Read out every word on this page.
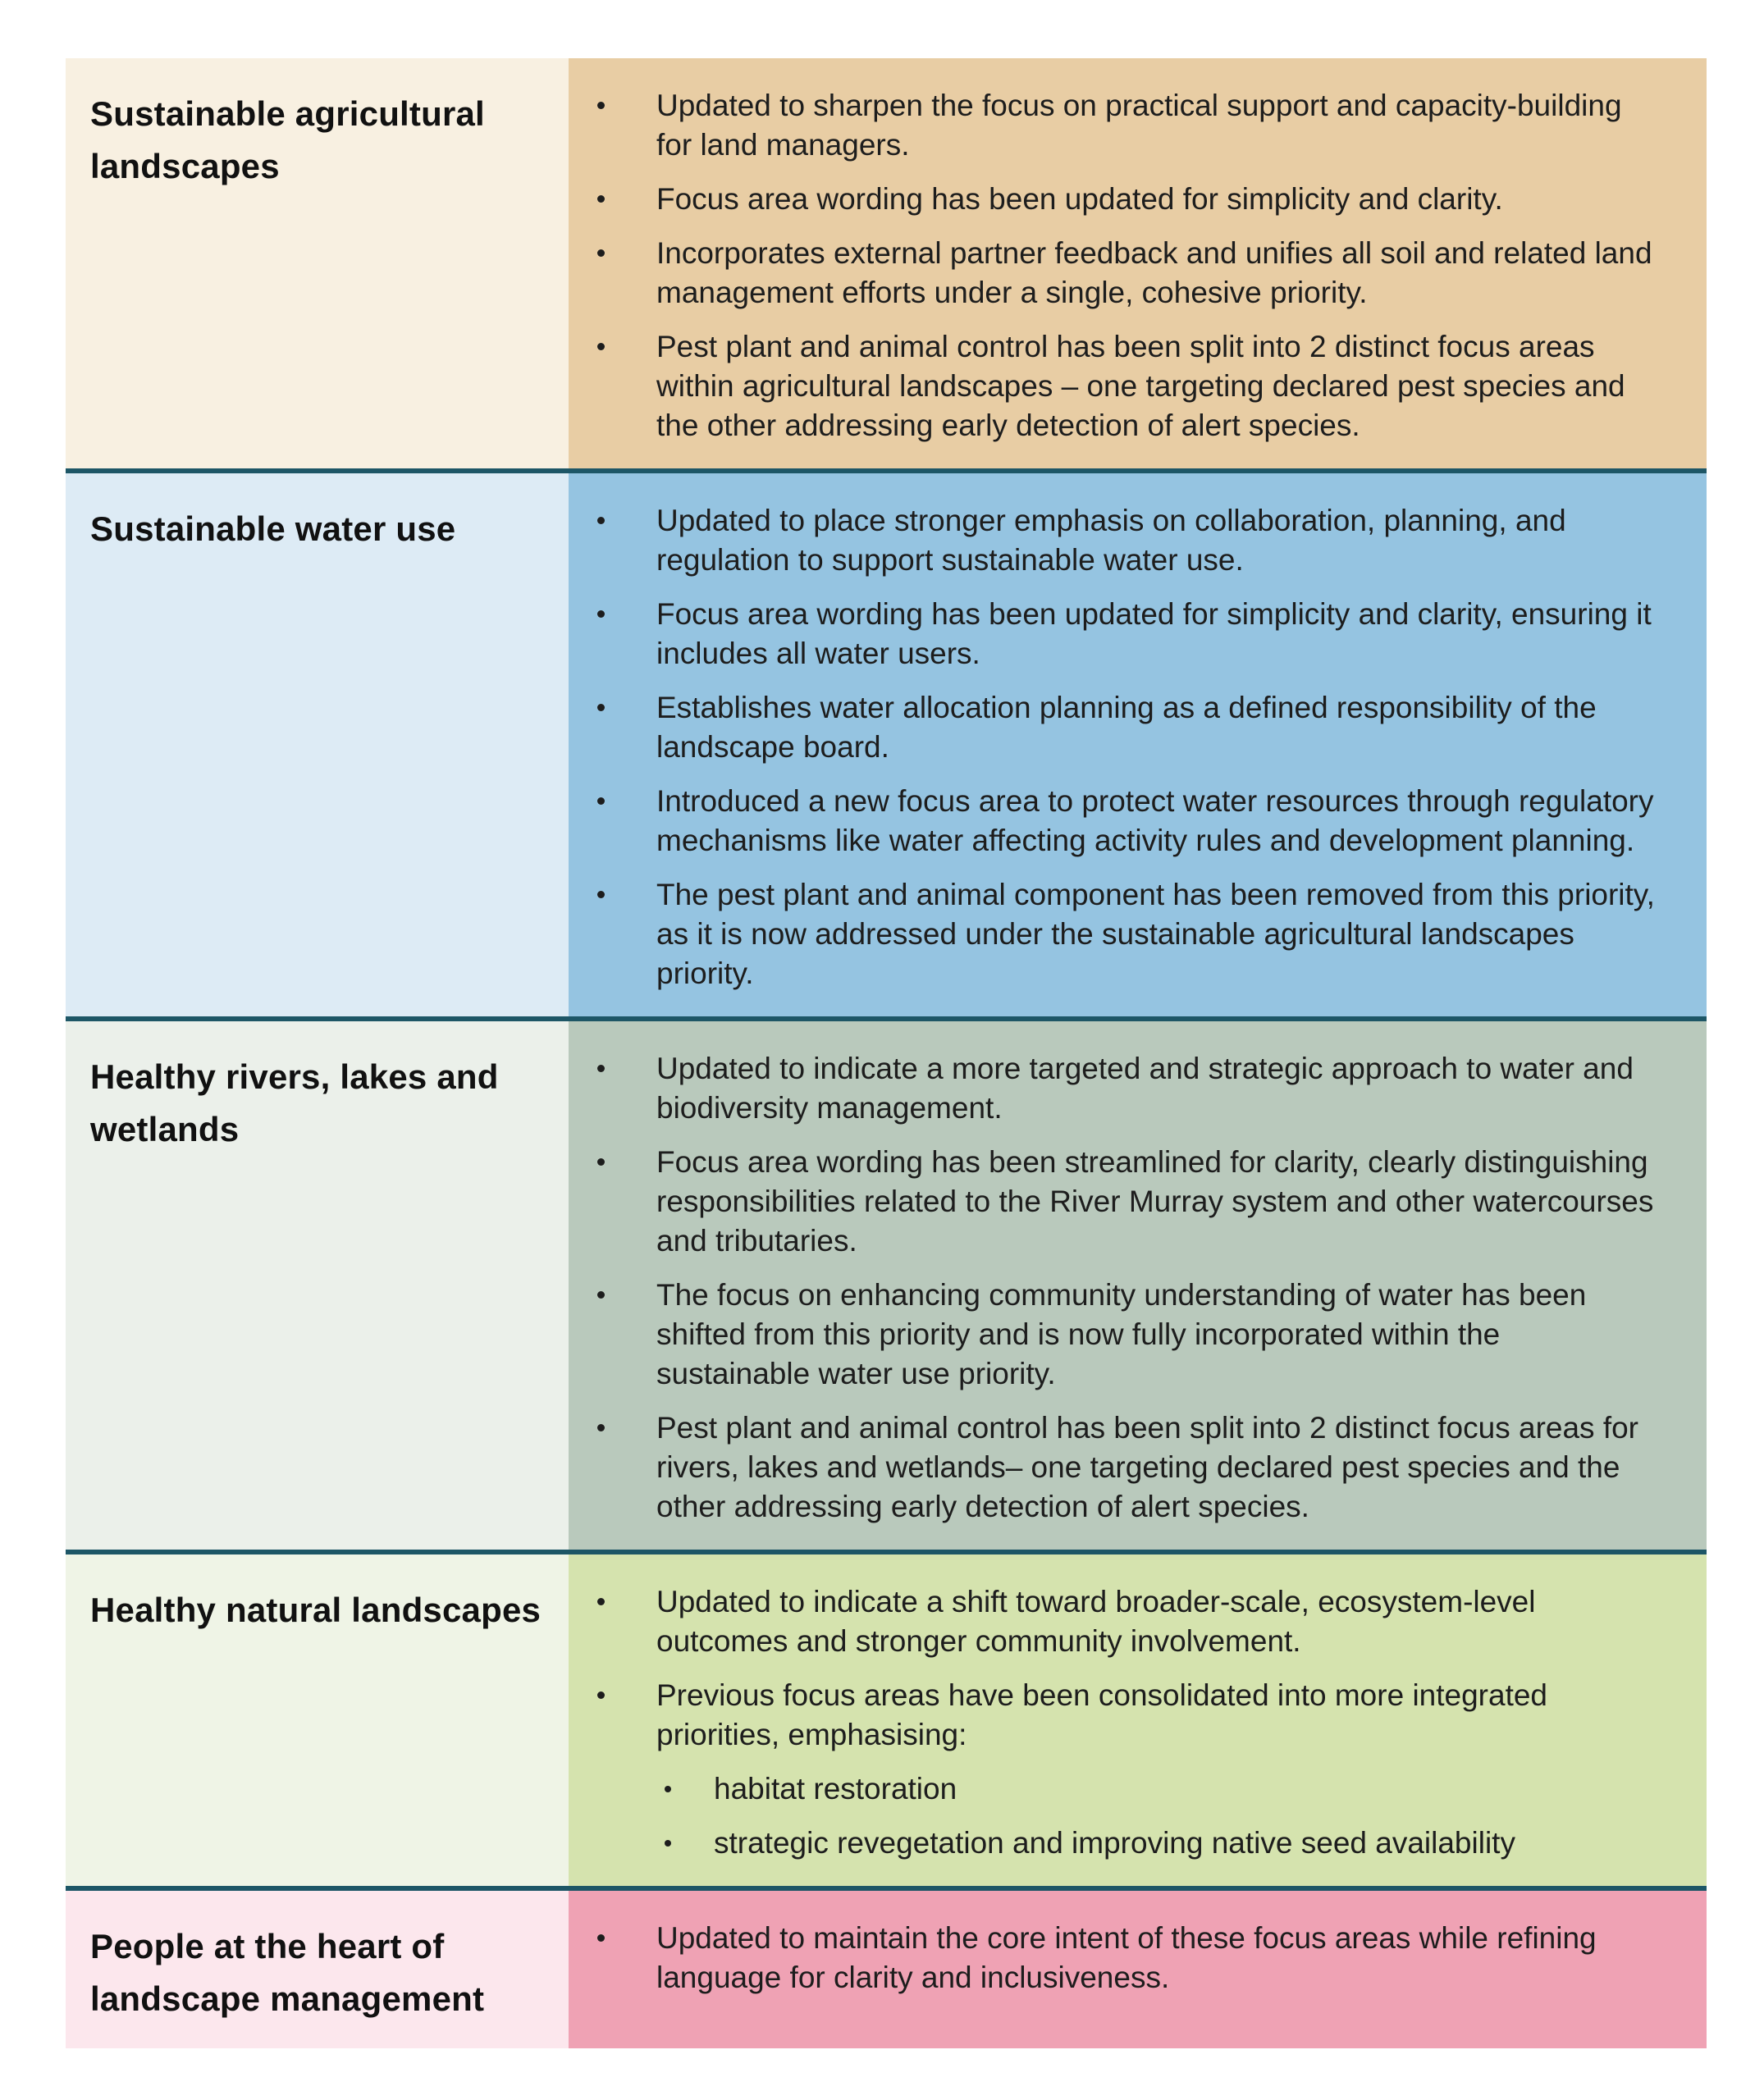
Sustainable agricultural landscapes
Updated to sharpen the focus on practical support and capacity-building for land managers.
Focus area wording has been updated for simplicity and clarity.
Incorporates external partner feedback and unifies all soil and related land management efforts under a single, cohesive priority.
Pest plant and animal control has been split into 2 distinct focus areas within agricultural landscapes – one targeting declared pest species and the other addressing early detection of alert species.
Sustainable water use	Updated to place stronger emphasis on collaboration, planning, and regulation to support sustainable water use.
Focus area wording has been updated for simplicity and clarity, ensuring it includes all water users.
Establishes water allocation planning as a defined responsibility of the landscape board.
Introduced a new focus area to protect water resources through regulatory mechanisms like water affecting activity rules and development planning.
The pest plant and animal component has been removed from this priority, as it is now addressed under the sustainable agricultural landscapes priority.
Healthy rivers, lakes and wetlands
Updated to indicate a more targeted and strategic approach to water and biodiversity management.
Focus area wording has been streamlined for clarity, clearly distinguishing responsibilities related to the River Murray system and other watercourses and tributaries.
The focus on enhancing community understanding of water has been shifted from this priority and is now fully incorporated within the sustainable water use priority.
Pest plant and animal control has been split into 2 distinct focus areas for rivers, lakes and wetlands– one targeting declared pest species and the other addressing early detection of alert species.
Healthy natural landscapes	Updated to indicate a shift toward broader-scale, ecosystem-level outcomes and stronger community involvement.
Previous focus areas have been consolidated into more integrated priorities, emphasising:
habitat restoration
strategic revegetation and improving native seed availability
People at the heart of landscape management
Updated to maintain the core intent of these focus areas while refining language for clarity and inclusiveness.
